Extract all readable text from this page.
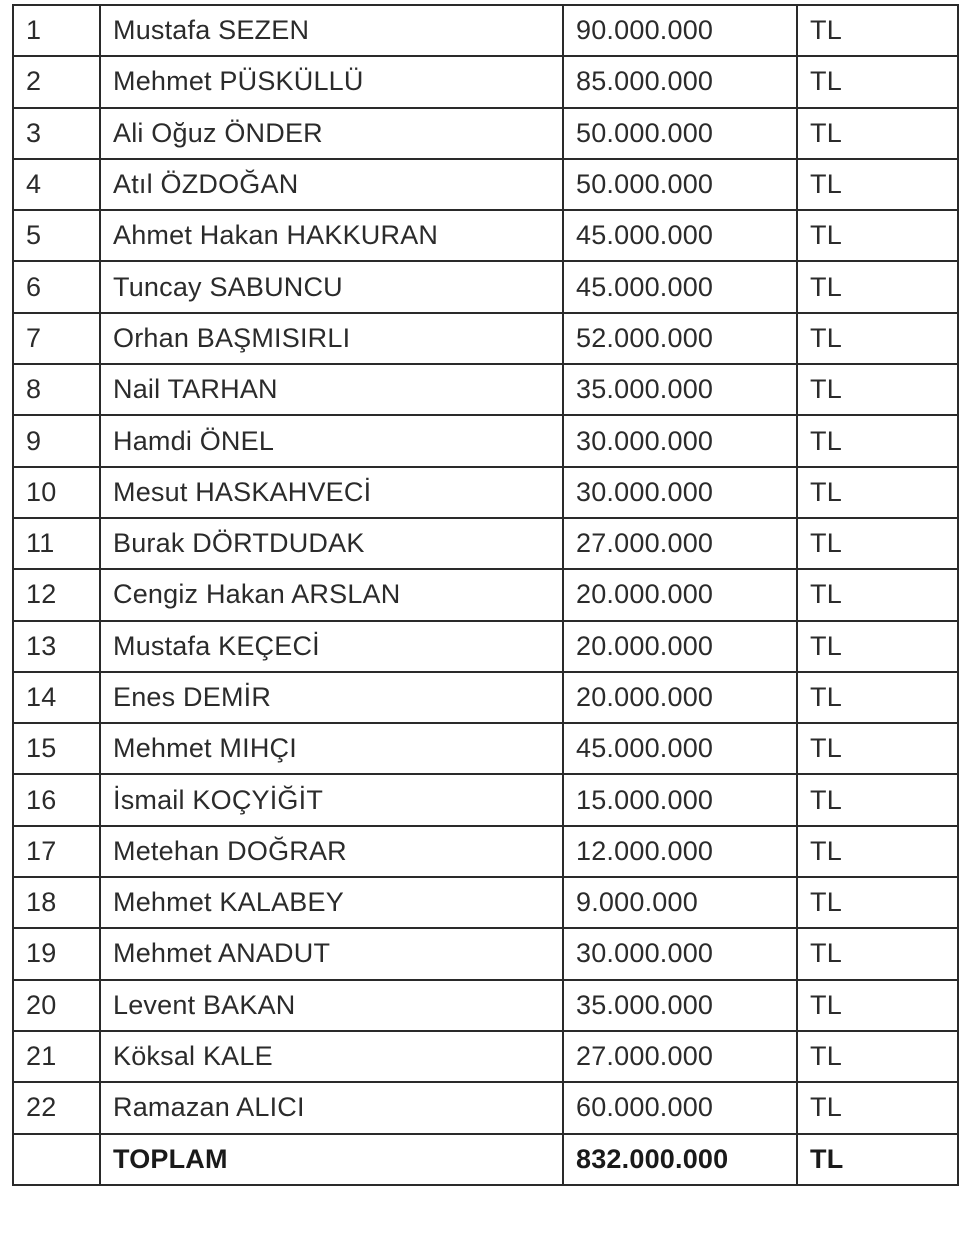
1	Mustafa SEZEN	90.000.000	TL
2	Mehmet PÜSKÜLLÜ	85.000.000	TL
3	Ali Oğuz ÖNDER	50.000.000	TL
4	Atıl ÖZDOĞAN	50.000.000	TL
5	Ahmet Hakan HAKKURAN	45.000.000	TL
6	Tuncay SABUNCU	45.000.000	TL
7	Orhan BAŞMISIRLI	52.000.000	TL
8	Nail TARHAN	35.000.000	TL
9	Hamdi ÖNEL	30.000.000	TL
10	Mesut HASKAHVECİ	30.000.000	TL
11	Burak DÖRTDUDAK	27.000.000	TL
12	Cengiz Hakan ARSLAN	20.000.000	TL
13	Mustafa KEÇECİ	20.000.000	TL
14	Enes DEMİR	20.000.000	TL
15	Mehmet MIHÇI	45.000.000	TL
16	İsmail KOÇYİĞİT	15.000.000	TL
17	Metehan DOĞRAR	12.000.000	TL
18	Mehmet KALABEY	9.000.000	TL
19	Mehmet ANADUT	30.000.000	TL
20	Levent BAKAN	35.000.000	TL
21	Köksal KALE	27.000.000	TL
22	Ramazan ALICI	60.000.000	TL
	TOPLAM	832.000.000	TL
